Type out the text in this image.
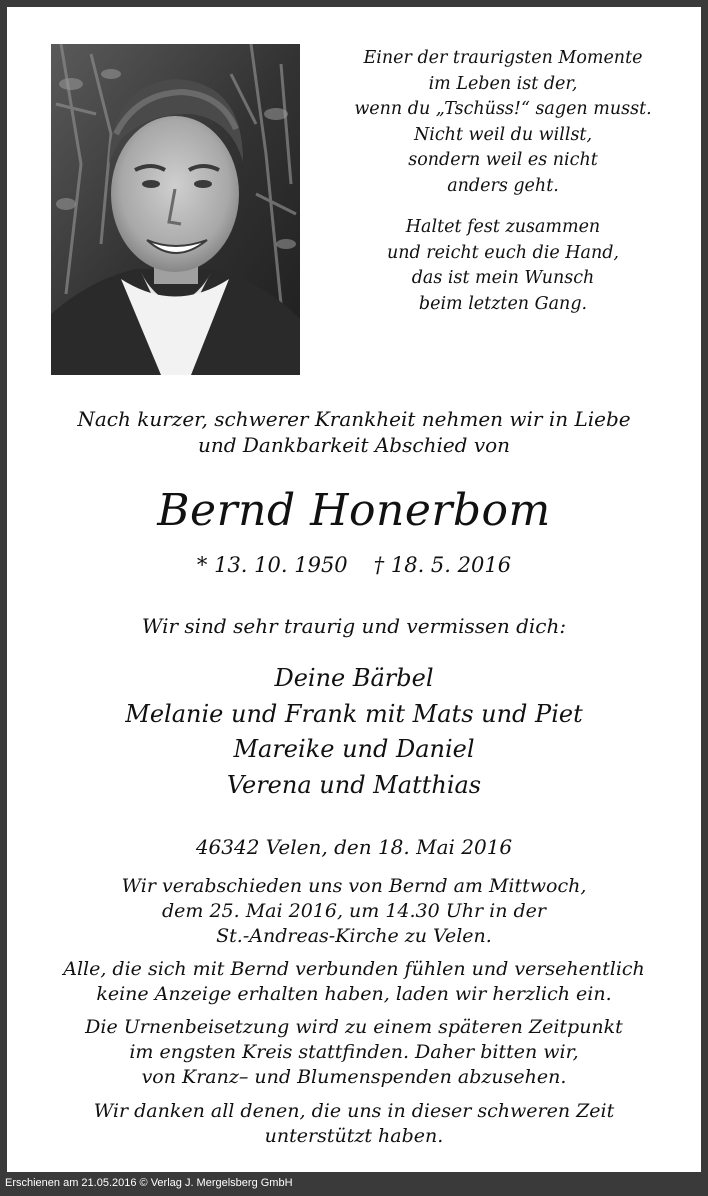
Einer der traurigsten Momente
im Leben ist der,
wenn du „Tschüss!“ sagen musst.
Nicht weil du willst,
sondern weil es nicht
anders geht.
Haltet fest zusammen
und reicht euch die Hand,
das ist mein Wunsch
beim letzten Gang.
Nach kurzer, schwerer Krankheit nehmen wir in Liebe
und Dankbarkeit Abschied von
Bernd Honerbom
* 13. 10. 1950 † 18. 5. 2016
Wir sind sehr traurig und vermissen dich:
Deine Bärbel
Melanie und Frank mit Mats und Piet
Mareike und Daniel
Verena und Matthias
46342 Velen, den 18. Mai 2016
Wir verabschieden uns von Bernd am Mittwoch,
dem 25. Mai 2016, um 14.30 Uhr in der
St.-Andreas-Kirche zu Velen.
Alle, die sich mit Bernd verbunden fühlen und versehentlich
keine Anzeige erhalten haben, laden wir herzlich ein.
Die Urnenbeisetzung wird zu einem späteren Zeitpunkt
im engsten Kreis stattfinden. Daher bitten wir,
von Kranz– und Blumenspenden abzusehen.
Wir danken all denen, die uns in dieser schweren Zeit
unterstützt haben.
Erschienen am 21.05.2016 © Verlag J. Mergelsberg GmbH
